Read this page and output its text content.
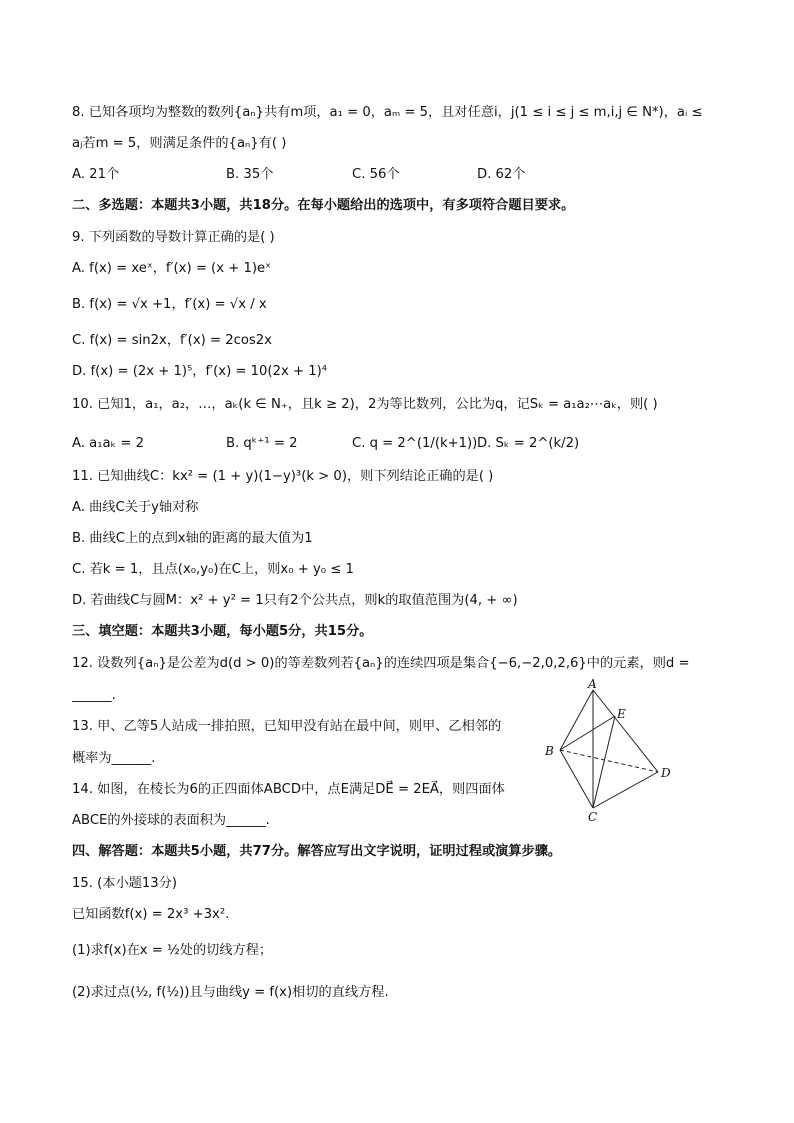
8. 已知各项均为整数的数列{aₙ}共有m项，a₁ = 0，aₘ = 5，且对任意i，j(1 ≤ i ≤ j ≤ m,i,j ∈ N*)，aᵢ ≤
aⱼ若m = 5，则满足条件的{aₙ}有( )
A. 21个	B. 35个	C. 56个	D. 62个
二、多选题：本题共3小题，共18分。在每小题给出的选项中，有多项符合题目要求。
9. 下列函数的导数计算正确的是( )
A. f(x) = xeˣ，f′(x) = (x + 1)eˣ
B. f(x) = √x +1，f′(x) = √x / x
C. f(x) = sin2x，f′(x) = 2cos2x
D. f(x) = (2x + 1)⁵，f′(x) = 10(2x + 1)⁴
10. 已知1，a₁，a₂，…，aₖ(k ∈ N₊，且k ≥ 2)，2为等比数列，公比为q，记Sₖ = a₁a₂⋯aₖ，则( )
A. a₁aₖ = 2	B. qᵏ⁺¹ = 2	C. q = 2^(1/(k+1)) D. Sₖ = 2^(k/2)
11. 已知曲线C：kx² = (1 + y)(1−y)³(k > 0)，则下列结论正确的是( )
A. 曲线C关于y轴对称
B. 曲线C上的点到x轴的距离的最大值为1
C. 若k = 1，且点(x₀,y₀)在C上，则x₀ + y₀ ≤ 1
D. 若曲线C与圆M：x² + y² = 1只有2个公共点，则k的取值范围为(4, + ∞)
三、填空题：本题共3小题，每小题5分，共15分。
12. 设数列{aₙ}是公差为d(d > 0)的等差数列若{aₙ}的连续四项是集合{−6,−2,0,2,6}中的元素，则d =
______.
13. 甲、乙等5人站成一排拍照，已知甲没有站在最中间，则甲、乙相邻的
概率为______.
14. 如图，在棱长为6的正四面体ABCD中，点E满足DE⃗ = 2EA⃗，则四面体
ABCE的外接球的表面积为______.
A
E
B
D
C
四、解答题：本题共5小题，共77分。解答应写出文字说明，证明过程或演算步骤。
15. (本小题13分)
已知函数f(x) = 2x³ +3x².
(1)求f(x)在x = ½处的切线方程；
(2)求过点(½, f(½))且与曲线y = f(x)相切的直线方程.
